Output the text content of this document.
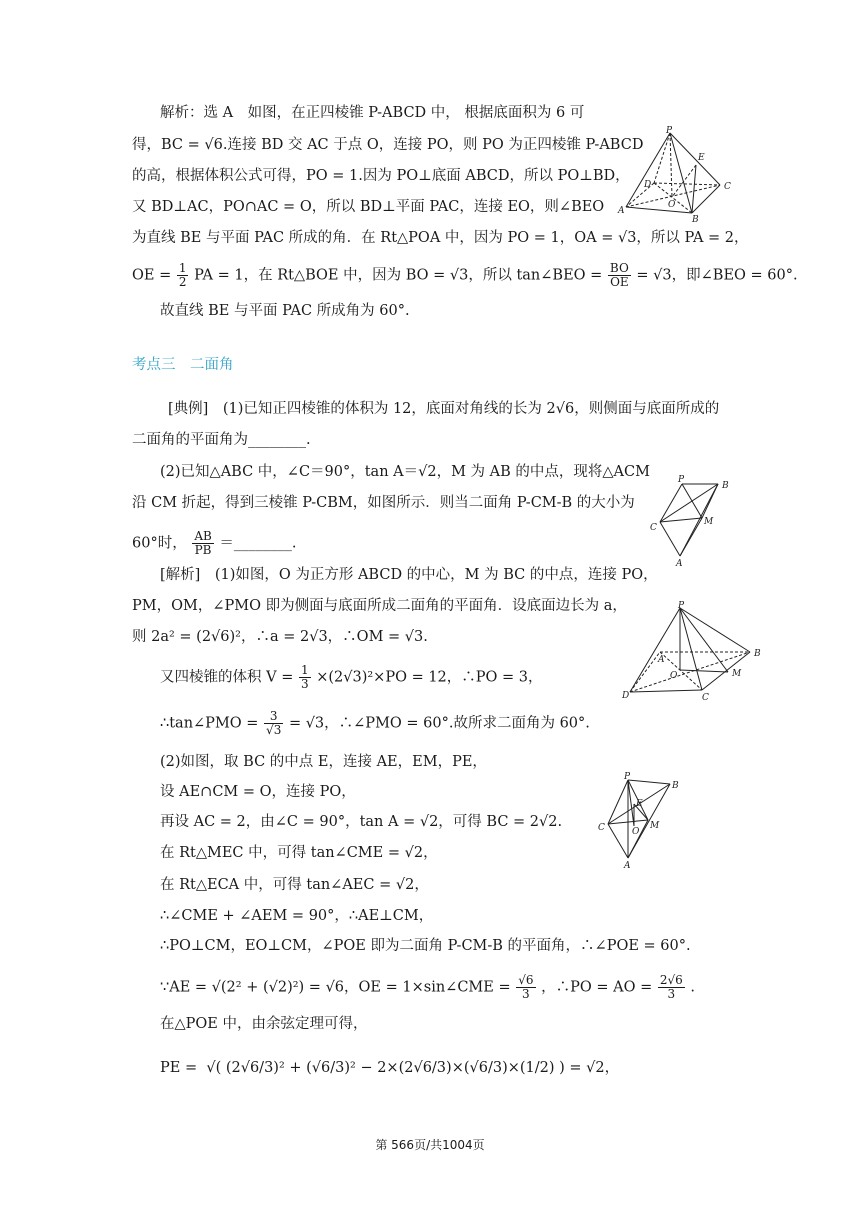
解析：选 A　如图，在正四棱锥 P-ABCD 中， 根据底面积为 6 可
得，BC = √6.连接 BD 交 AC 于点 O，连接 PO，则 PO 为正四棱锥 P-ABCD
的高，根据体积公式可得，PO = 1.因为 PO⊥底面 ABCD，所以 PO⊥BD，
又 BD⊥AC，PO∩AC = O，所以 BD⊥平面 PAC，连接 EO，则∠BEO
为直线 BE 与平面 PAC 所成的角．在 Rt△POA 中，因为 PO = 1，OA = √3，所以 PA = 2，
OE = $\frac{1}{2}$ PA = 1，在 Rt△BOE 中，因为 BO = √3，所以 tan∠BEO = $\frac{BO}{OE} = √3$，即∠BEO = 60°.
故直线 BE 与平面 PAC 所成角为 60°.
P
E
C
D
O
A
B
考点三　二面角
[典例]　(1)已知正四棱锥的体积为 12，底面对角线的长为 2√6，则侧面与底面所成的
二面角的平面角为________.
(2)已知△ABC 中，∠C＝90°，tan A＝√2，M 为 AB 的中点，现将△ACM
沿 CM 折起，得到三棱锥 P-CBM，如图所示．则当二面角 P-CM-B 的大小为
60°时， $\frac{AB}{PB}$ ＝________.
P
B
C
M
A
[解析]　(1)如图，O 为正方形 ABCD 的中心，M 为 BC 的中点，连接 PO，
PM，OM，∠PMO 即为侧面与底面所成二面角的平面角．设底面边长为 a，
则 2a² = (2√6)²，∴a = 2√3，∴OM = √3.
又四棱锥的体积 $V = \frac{1}{3} \times(2√3)^2\times PO = 12$，∴PO = 3，
∴tan∠PMO = $\frac{3}{√3} = √3$，∴∠PMO = 60°.故所求二面角为 60°.
P
A
B
O	M
D	C
(2)如图，取 BC 的中点 E，连接 AE，EM，PE，
设 AE∩CM = O，连接 PO，
再设 AC = 2，由∠C = 90°，tan A = √2，可得 BC = 2√2.
在 Rt△MEC 中，可得 tan∠CME = √2，
在 Rt△ECA 中，可得 tan∠AEC = √2，
P
B
E
C	M
O
A
∴∠CME + ∠AEM = 90°，∴AE⊥CM，
∴PO⊥CM，EO⊥CM，∠POE 即为二面角 P-CM-B 的平面角，∴∠POE = 60°.
∵AE = √(2² + (√2)²) = √6，OE = 1×sin∠CME = $\frac{√6}{3}$ ，∴PO = AO = $\frac{2√6}{3}$ .
在△POE 中，由余弦定理可得，
PE = √( (2√6/3)² + (√6/3)² − 2×(2√6/3)×(√6/3)×(1/2) ) = √2，
第 566页/共1004页
